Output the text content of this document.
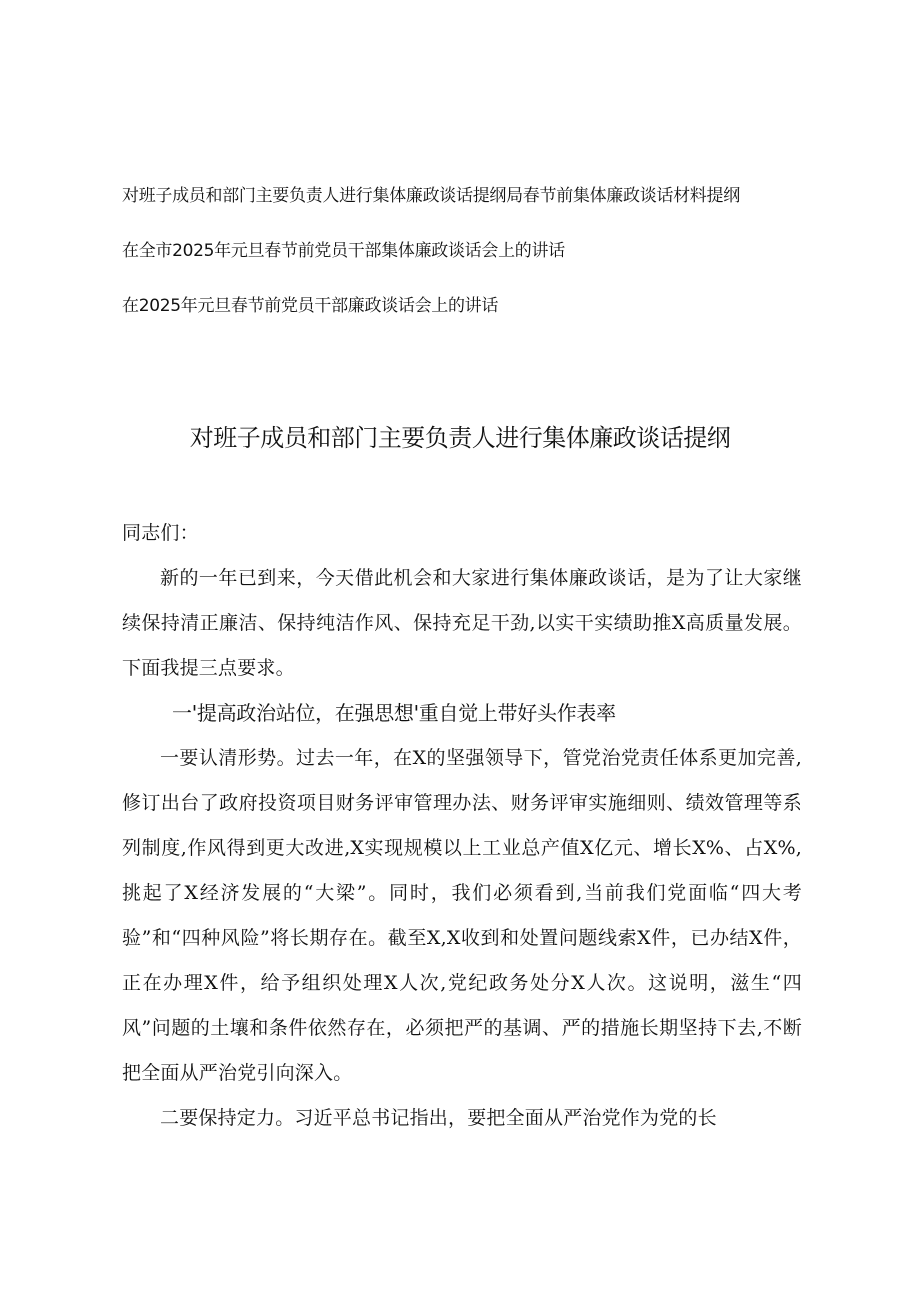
对班子成员和部门主要负责人进行集体廉政谈话提纲局春节前集体廉政谈话材料提纲
在全市2025年元旦春节前党员干部集体廉政谈话会上的讲话
在2025年元旦春节前党员干部廉政谈话会上的讲话
对班子成员和部门主要负责人进行集体廉政谈话提纲

同志们：

新的一年已到来，今天借此机会和大家进行集体廉政谈话，是为了让大家继续保持清正廉洁、保持纯洁作风、保持充足干劲,以实干实绩助推X高质量发展。下面我提三点要求。

一'提高政治站位，在强思想'重自觉上带好头作表率

一要认清形势。过去一年，在X的坚强领导下，管党治党责任体系更加完善,修订出台了政府投资项目财务评审管理办法、财务评审实施细则、绩效管理等系列制度,作风得到更大改进,X实现规模以上工业总产值X亿元、增长X%、占X%,挑起了X经济发展的“大梁”。同时，我们必须看到,当前我们党面临“四大考验”和“四种风险”将长期存在。截至X,X收到和处置问题线索X件，已办结X件，正在办理X件，给予组织处理X人次,党纪政务处分X人次。这说明，滋生“四风”问题的土壤和条件依然存在，必须把严的基调、严的措施长期坚持下去,不断把全面从严治党引向深入。

二要保持定力。习近平总书记指出，要把全面从严治党作为党的长
